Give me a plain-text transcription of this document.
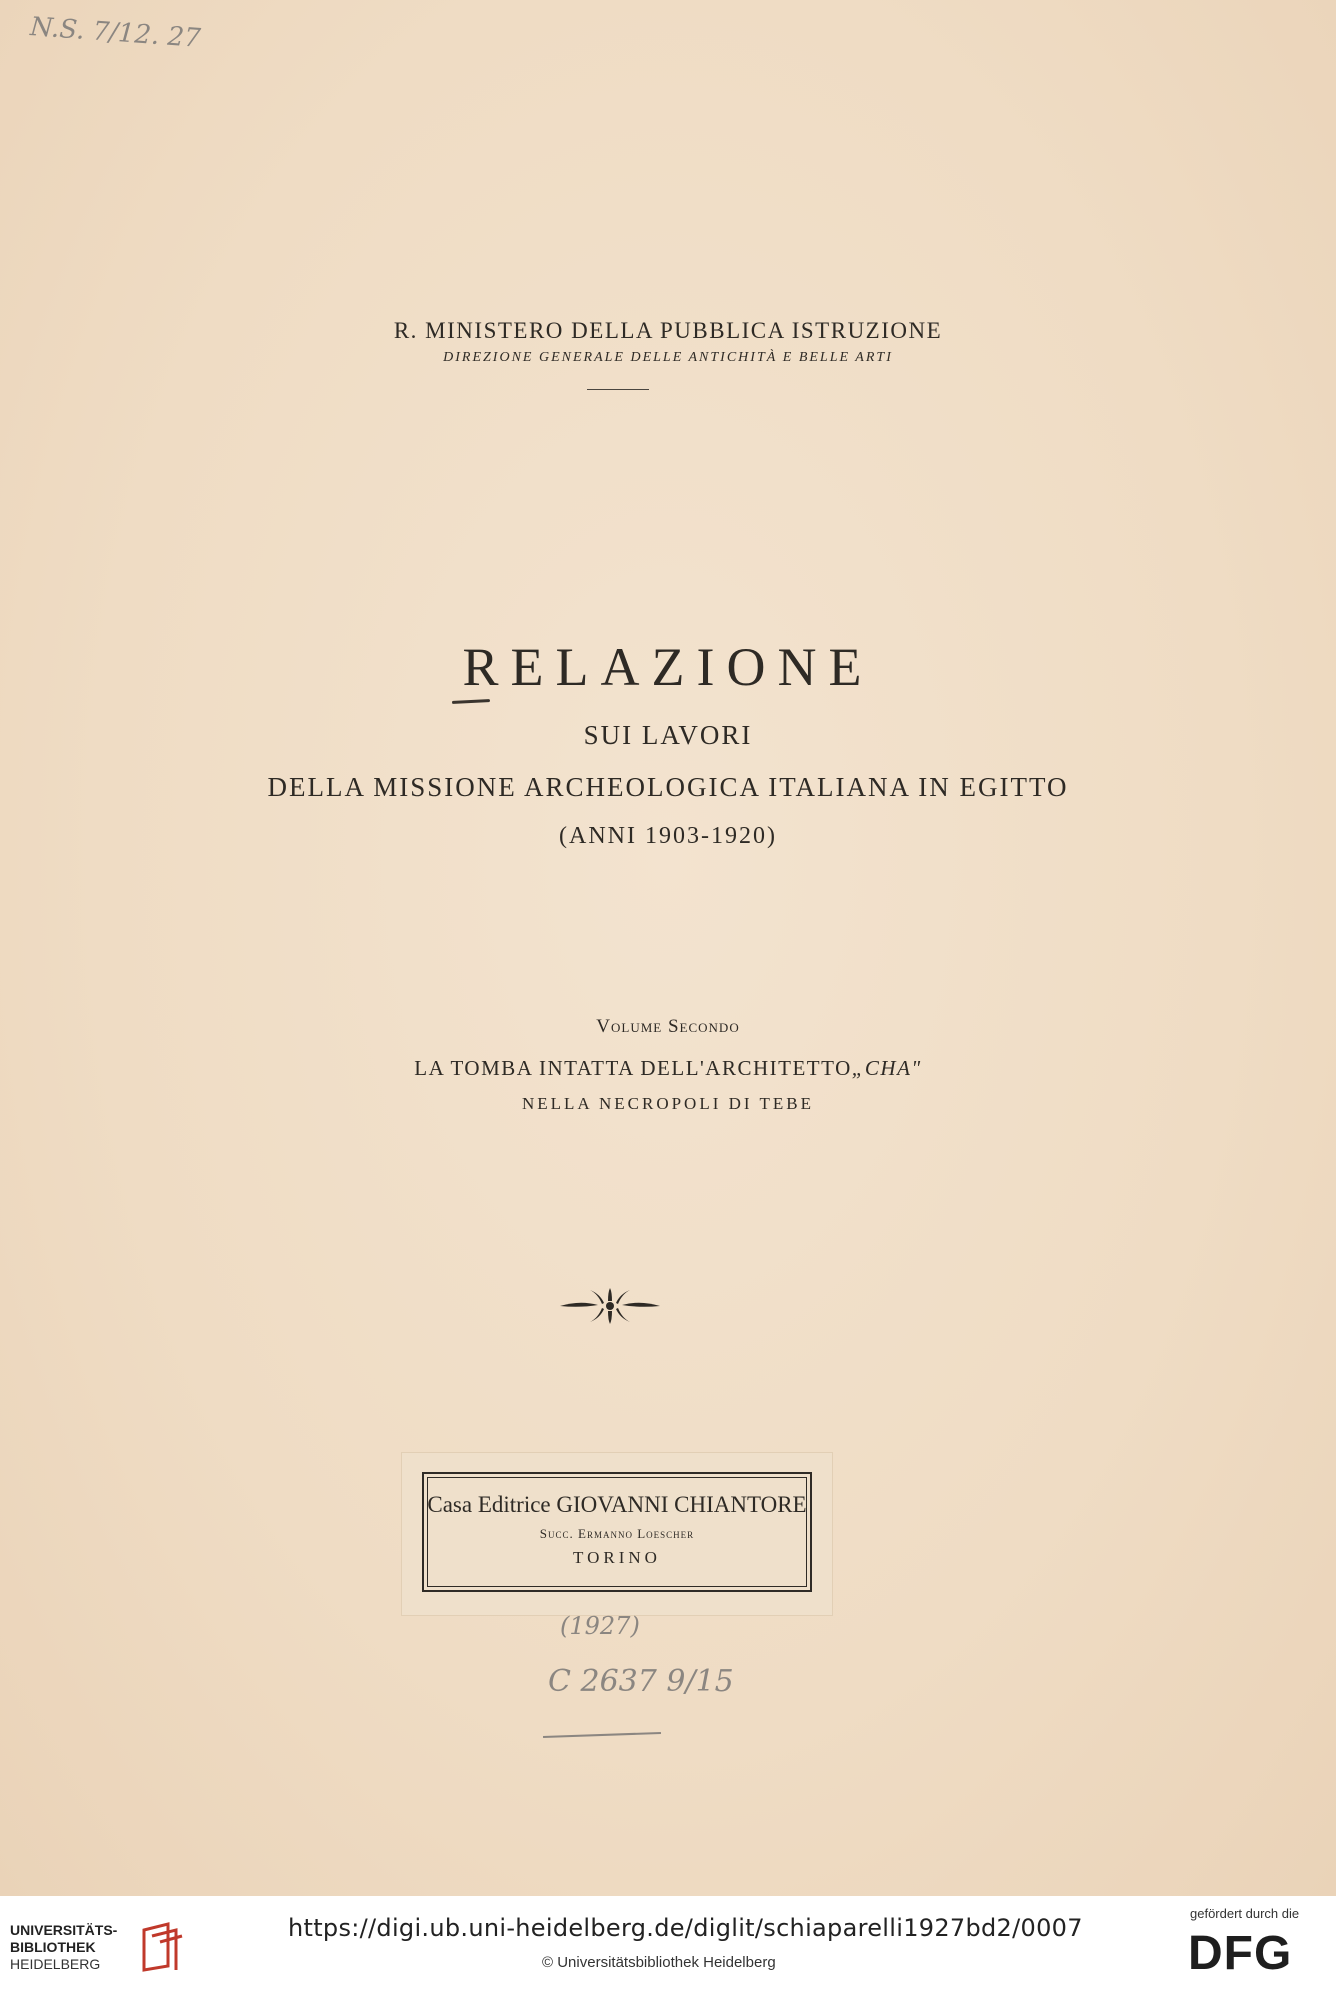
N.S. 7/12. 27
R. MINISTERO DELLA PUBBLICA ISTRUZIONE
DIREZIONE GENERALE DELLE ANTICHITÀ E BELLE ARTI
RELAZIONE
SUI LAVORI
DELLA MISSIONE ARCHEOLOGICA ITALIANA IN EGITTO
(ANNI 1903-1920)
Volume Secondo
LA TOMBA INTATTA DELL'ARCHITETTO„CHA"
NELLA NECROPOLI DI TEBE
Casa Editrice GIOVANNI CHIANTORE
Succ. Ermanno Loescher
TORINO
(1927)
C 2637 9/15
UNIVERSITÄTS-
BIBLIOTHEK
HEIDELBERG
https://digi.ub.uni-heidelberg.de/diglit/schiaparelli1927bd2/0007
© Universitätsbibliothek Heidelberg
gefördert durch die
DFG
